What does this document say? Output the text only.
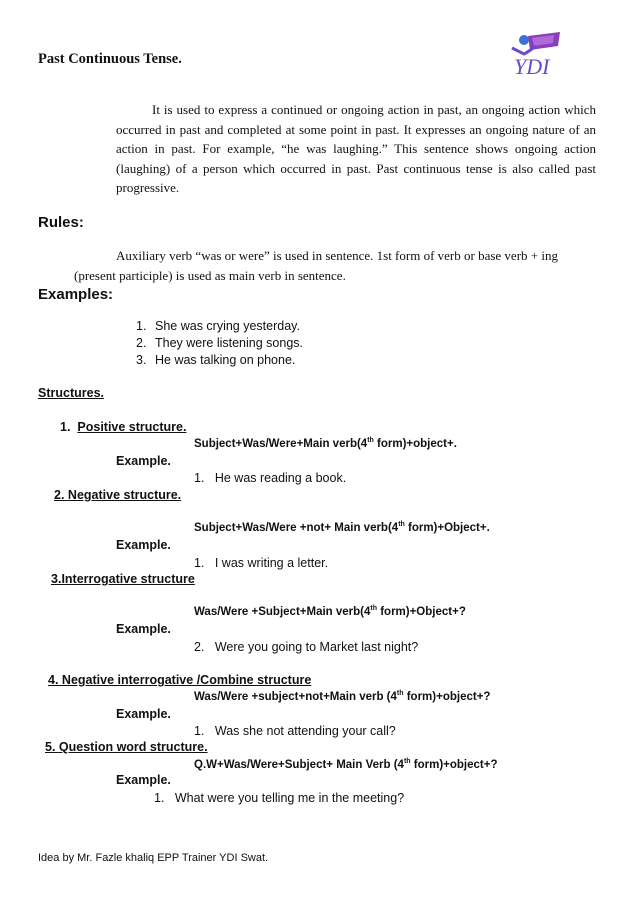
Past Continuous Tense.	YDI

It is used to express a continued or ongoing action in past, an ongoing action which occurred in past and completed at some point in past. It expresses an ongoing nature of an action in past. For example, “he was laughing.” This sentence shows ongoing action (laughing) of a person which occurred in past. Past continuous tense is also called past progressive.

Rules:

Auxiliary verb “was or were” is used in sentence. 1st form of verb or base verb + ing (present participle) is used as main verb in sentence.

Examples:
1. She was crying yesterday.
2. They were listening songs.
3. He was talking on phone.
Structures.
1. Positive structure.
Subject+Was/Were+Main verb(4th form)+object+.
Example.
1. He was reading a book.
2. Negative structure.
Subject+Was/Were +not+ Main verb(4th form)+Object+.
Example.
1. I was writing a letter.
3.Interrogative structure
Was/Were +Subject+Main verb(4th form)+Object+?
Example.
2. Were you going to Market last night?
4. Negative interrogative /Combine structure
Was/Were +subject+not+Main verb (4th form)+object+?
Example.
1. Was she not attending your call?
5. Question word structure.
Q.W+Was/Were+Subject+ Main Verb (4th form)+object+?
Example.
1. What were you telling me in the meeting?
Idea by Mr. Fazle khaliq EPP Trainer YDI Swat.
